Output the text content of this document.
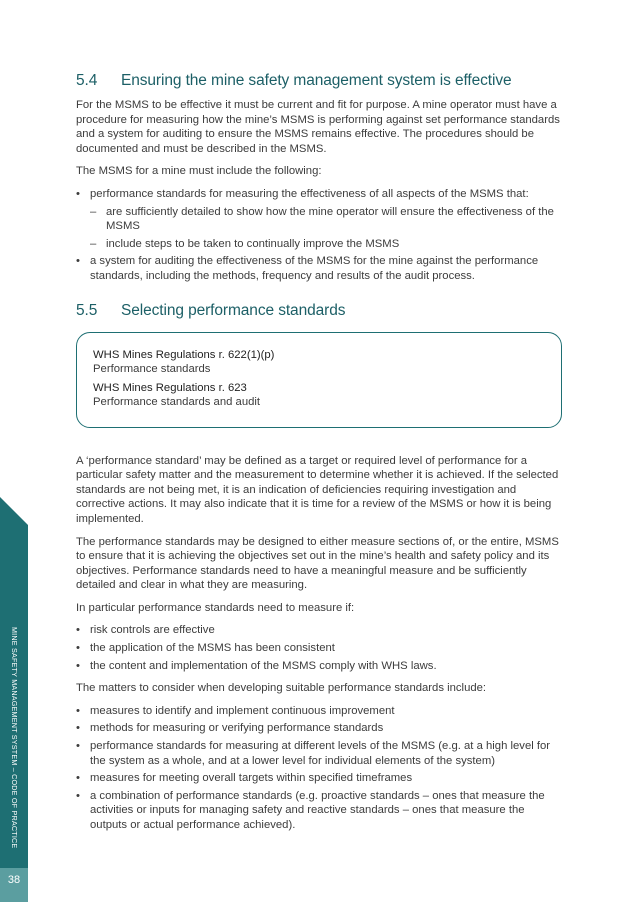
MINE SAFETY MANAGEMENT SYSTEM – CODE OF PRACTICE
38
5.4 Ensuring the mine safety management system is effective

For the MSMS to be effective it must be current and fit for purpose. A mine operator must have a procedure for measuring how the mine’s MSMS is performing against set performance standards and a system for auditing to ensure the MSMS remains effective. The procedures should be documented and must be described in the MSMS.

The MSMS for a mine must include the following:

• performance standards for measuring the effectiveness of all aspects of the MSMS that:
– are sufficiently detailed to show how the mine operator will ensure the effectiveness of the MSMS
– include steps to be taken to continually improve the MSMS
• a system for auditing the effectiveness of the MSMS for the mine against the performance standards, including the methods, frequency and results of the audit process.
5.5 Selecting performance standards
WHS Mines Regulations r. 622(1)(p)
Performance standards
WHS Mines Regulations r. 623
Performance standards and audit

A ‘performance standard’ may be defined as a target or required level of performance for a particular safety matter and the measurement to determine whether it is achieved. If the selected standards are not being met, it is an indication of deficiencies requiring investigation and corrective actions. It may also indicate that it is time for a review of the MSMS or how it is being implemented.

The performance standards may be designed to either measure sections of, or the entire, MSMS to ensure that it is achieving the objectives set out in the mine’s health and safety policy and its objectives. Performance standards need to have a meaningful measure and be sufficiently detailed and clear in what they are measuring.

In particular performance standards need to measure if:

• risk controls are effective
• the application of the MSMS has been consistent
• the content and implementation of the MSMS comply with WHS laws.

The matters to consider when developing suitable performance standards include:

• measures to identify and implement continuous improvement
• methods for measuring or verifying performance standards
• performance standards for measuring at different levels of the MSMS (e.g. at a high level for the system as a whole, and at a lower level for individual elements of the system)
• measures for meeting overall targets within specified timeframes
• a combination of performance standards (e.g. proactive standards – ones that measure the activities or inputs for managing safety and reactive standards – ones that measure the outputs or actual performance achieved).
